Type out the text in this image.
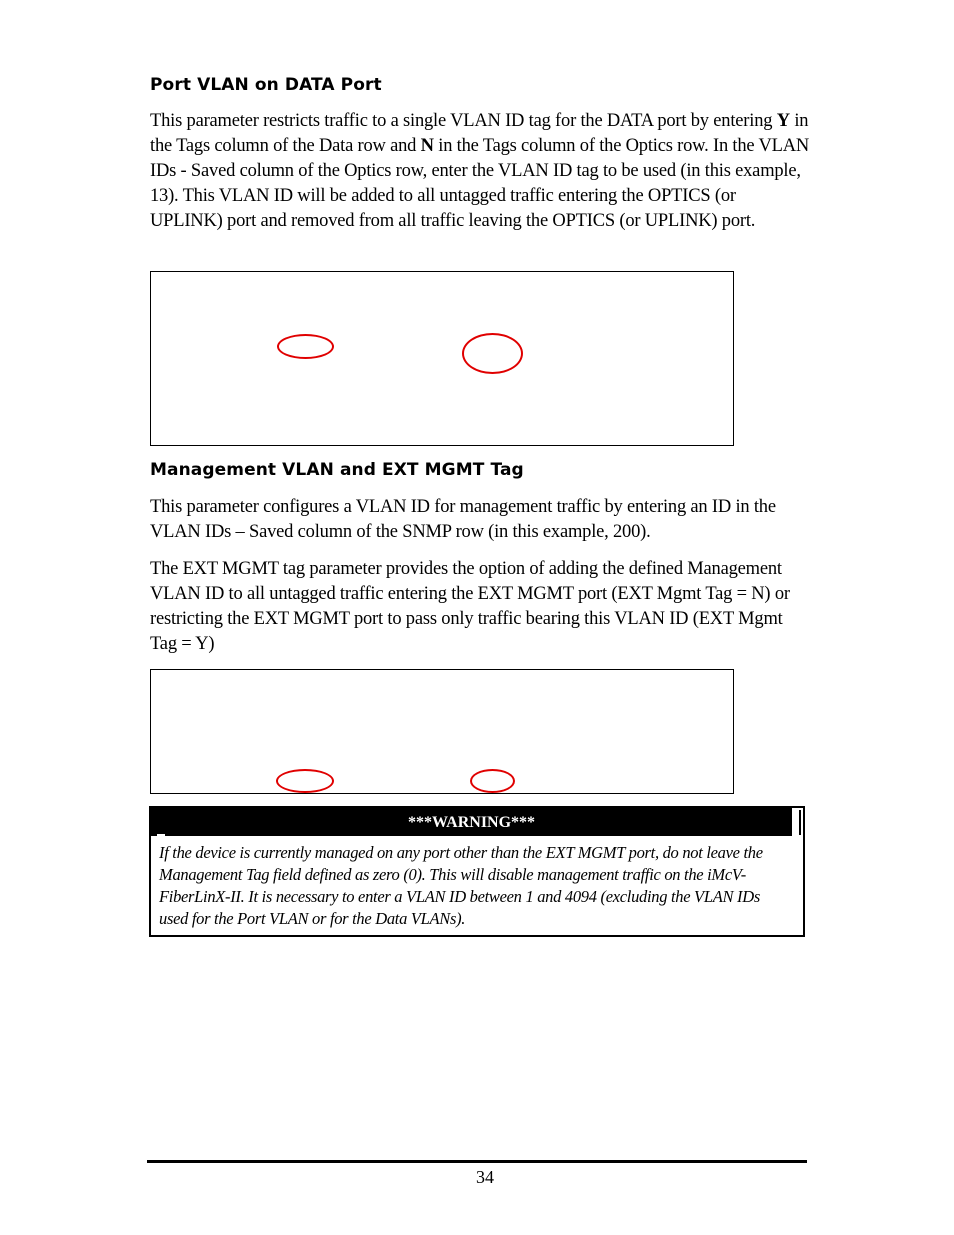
Port VLAN on DATA Port
This parameter restricts traffic to a single VLAN ID tag for the DATA port by entering Y in the Tags column of the Data row and N in the Tags column of the Optics row. In the VLAN IDs - Saved column of the Optics row, enter the VLAN ID tag to be used (in this example, 13). This VLAN ID will be added to all untagged traffic entering the OPTICS (or UPLINK) port and removed from all traffic leaving the OPTICS (or UPLINK) port.
Management VLAN and EXT MGMT Tag
This parameter configures a VLAN ID for management traffic by entering an ID in the VLAN IDs – Saved column of the SNMP row (in this example, 200).
The EXT MGMT tag parameter provides the option of adding the defined Management VLAN ID to all untagged traffic entering the EXT MGMT port (EXT Mgmt Tag = N) or restricting the EXT MGMT port to pass only traffic bearing this VLAN ID (EXT Mgmt Tag = Y)
***WARNING***
If the device is currently managed on any port other than the EXT MGMT port, do not leave the Management Tag field defined as zero (0). This will disable management traffic on the iMcV-FiberLinX-II. It is necessary to enter a VLAN ID between 1 and 4094 (excluding the VLAN IDs used for the Port VLAN or for the Data VLANs).
34
